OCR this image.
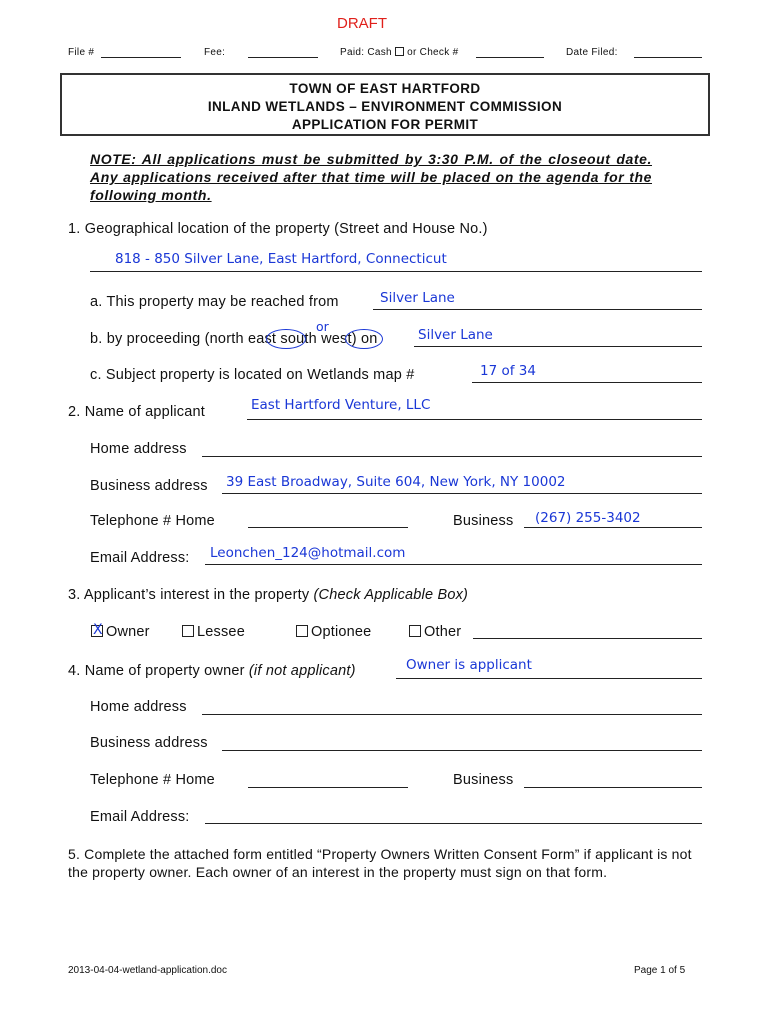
DRAFT
File #	Fee:	Paid: Cash or Check #	Date Filed:
TOWN OF EAST HARTFORD
INLAND WETLANDS – ENVIRONMENT COMMISSION
APPLICATION FOR PERMIT
NOTE: All applications must be submitted by 3:30 P.M. of the closeout date. Any applications received after that time will be placed on the agenda for the following month.
1. Geographical location of the property (Street and House No.)
818 - 850 Silver Lane, East Hartford, Connecticut
a. This property may be reached from	Silver Lane
b. by proceeding (north east south west) on
or
Silver Lane
c. Subject property is located on Wetlands map #	17 of 34
2. Name of applicant	East Hartford Venture, LLC
Home address
Business address 39 East Broadway, Suite 604, New York, NY 10002
Telephone # Home	Business (267) 255-3402
Email Address: Leonchen_124@hotmail.com
3. Applicant’s interest in the property (Check Applicable Box)
X Owner	Lessee	Optionee	Other
4. Name of property owner (if not applicant)	Owner is applicant
Home address
Business address
Telephone # Home	Business
Email Address:
5. Complete the attached form entitled “Property Owners Written Consent Form” if applicant is not the property owner. Each owner of an interest in the property must sign on that form.
2013-04-04-wetland-application.doc	Page 1 of 5
